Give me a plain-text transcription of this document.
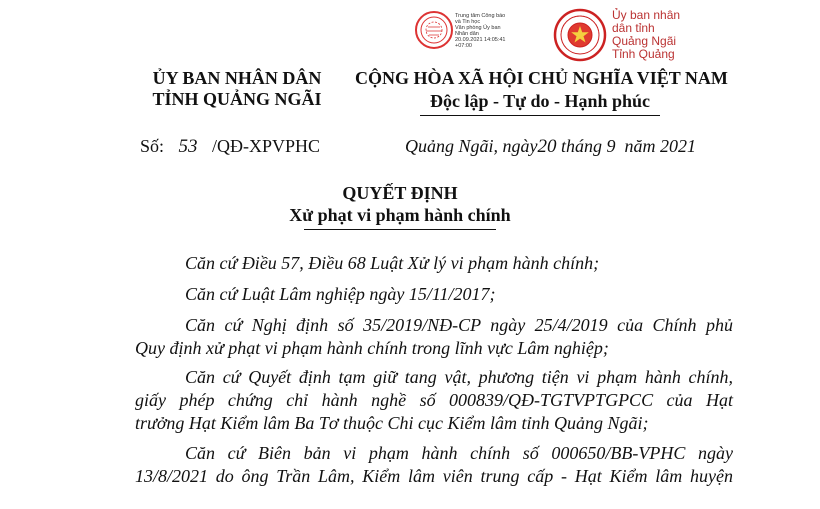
Trung tâm Công báo
và Tin học
Văn phòng Ủy ban
Nhân dân
20.09.2021 14:05:41
+07:00
Ủy ban nhân
dân tỉnh
Quảng Ngãi
Tỉnh Quảng
ỦY BAN NHÂN DÂN
TỈNH QUẢNG NGÃI
CỘNG HÒA XÃ HỘI CHỦ NGHĨA VIỆT NAM
Độc lập - Tự do - Hạnh phúc
Số: 53 /QĐ-XPVPHC	Quảng Ngãi, ngày20 tháng 9  năm 2021
QUYẾT ĐỊNH
Xử phạt vi phạm hành chính
Căn cứ Điều 57, Điều 68 Luật Xử lý vi phạm hành chính;
Căn cứ Luật Lâm nghiệp ngày 15/11/2017;
Căn cứ Nghị định số 35/2019/NĐ-CP ngày 25/4/2019 của Chính phủ
Quy định xử phạt vi phạm hành chính trong lĩnh vực Lâm nghiệp;
Căn cứ Quyết định tạm giữ tang vật, phương tiện vi phạm hành chính,
giấy phép chứng chỉ hành nghề số 000839/QĐ-TGTVPTGPCC của Hạt
trưởng Hạt Kiểm lâm Ba Tơ thuộc Chi cục Kiểm lâm tỉnh Quảng Ngãi;
Căn cứ Biên bản vi phạm hành chính số 000650/BB-VPHC ngày
13/8/2021 do ông Trần Lâm, Kiểm lâm viên trung cấp - Hạt Kiểm lâm huyện
